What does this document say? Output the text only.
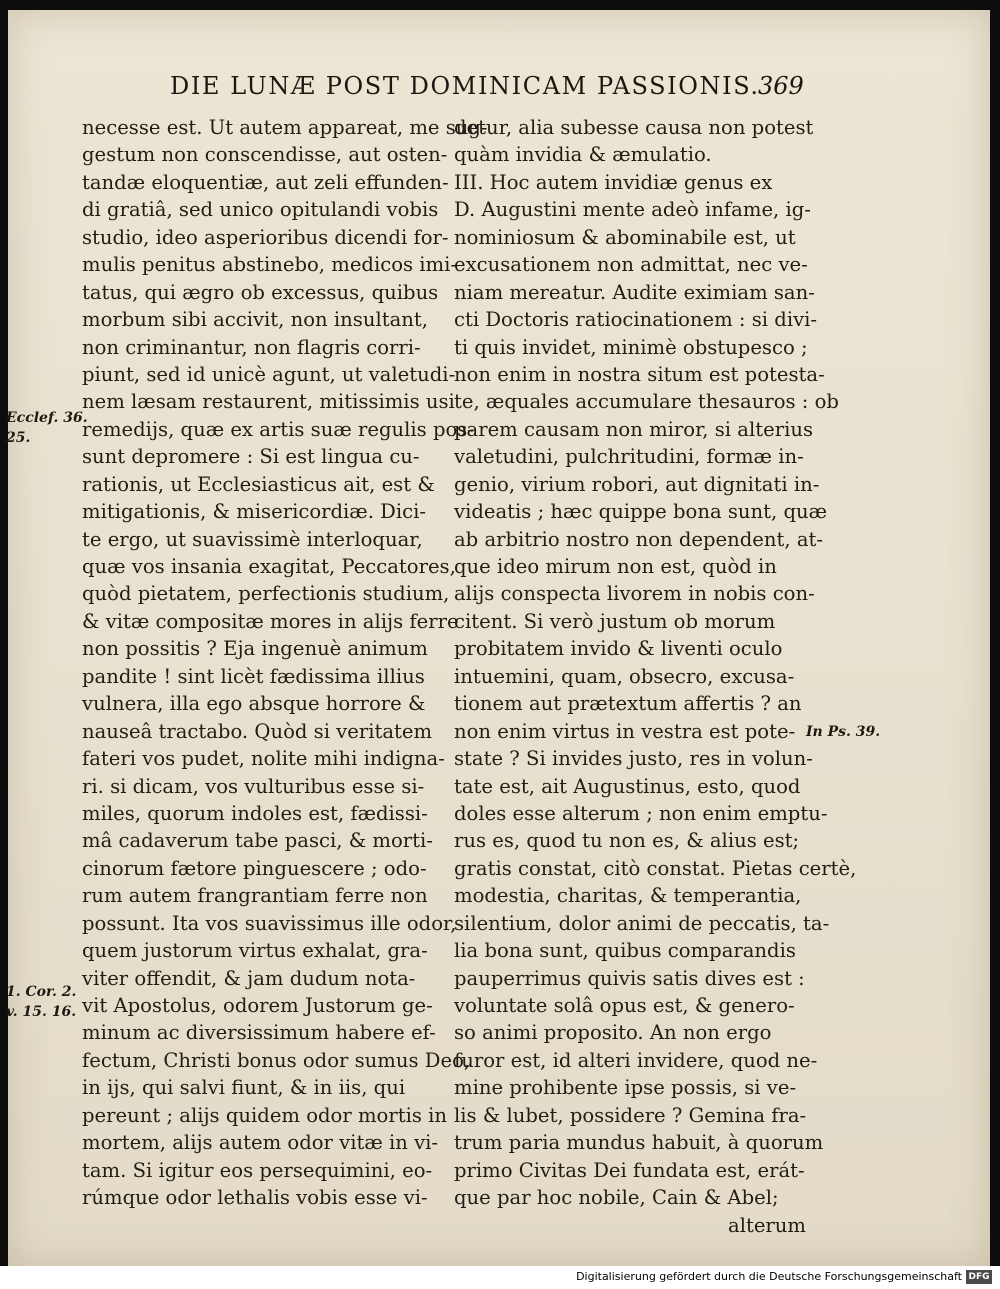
DIE LUNÆ POST DOMINICAM PASSIONIS.
369
necesse est. Ut autem appareat, me sug-
gestum non conscendisse, aut osten-
tandæ eloquentiæ, aut zeli effunden-
di gratiâ, sed unico opitulandi vobis
studio, ideo asperioribus dicendi for-
mulis penitus abstinebo, medicos imi-
tatus, qui ægro ob excessus, quibus
morbum sibi accivit, non insultant,
non criminantur, non flagris corri-
piunt, sed id unicè agunt, ut valetudi-
nem læsam restaurent, mitissimis usi
remedijs, quæ ex artis suæ regulis pos-
sunt depromere : Si est lingua cu-
rationis, ut Ecclesiasticus ait, est &
mitigationis, & misericordiæ. Dici-
te ergo, ut suavissimè interloquar,
quæ vos insania exagitat, Peccatores,
quòd pietatem, perfectionis studium,
& vitæ compositæ mores in alijs ferre
non possitis ? Eja ingenuè animum
pandite ! sint licèt fædissima illius
vulnera, illa ego absque horrore &
nauseâ tractabo. Quòd si veritatem
fateri vos pudet, nolite mihi indigna-
ri. si dicam, vos vulturibus esse si-
miles, quorum indoles est, fædissi-
mâ cadaverum tabe pasci, & morti-
cinorum fætore pinguescere ; odo-
rum autem frangrantiam ferre non
possunt. Ita vos suavissimus ille odor,
quem justorum virtus exhalat, gra-
viter offendit, & jam dudum nota-
vit Apostolus, odorem Justorum ge-
minum ac diversissimum habere ef-
fectum, Christi bonus odor sumus Deo,
in ijs, qui salvi fiunt, & in iis, qui
pereunt ; alijs quidem odor mortis in
mortem, alijs autem odor vitæ in vi-
tam. Si igitur eos persequimini, eo-
rúmque odor lethalis vobis esse vi-
detur, alia subesse causa non potest
quàm invidia & æmulatio.
III. Hoc autem invidiæ genus ex
D. Augustini mente adeò infame, ig-
nominiosum & abominabile est, ut
excusationem non admittat, nec ve-
niam mereatur. Audite eximiam san-
cti Doctoris ratiocinationem : si divi-
ti quis invidet, minimè obstupesco ;
non enim in nostra situm est potesta-
te, æquales accumulare thesauros : ob
parem causam non miror, si alterius
valetudini, pulchritudini, formæ in-
genio, virium robori, aut dignitati in-
videatis ; hæc quippe bona sunt, quæ
ab arbitrio nostro non dependent, at-
que ideo mirum non est, quòd in
alijs conspecta livorem in nobis con-
citent. Si verò justum ob morum
probitatem invido & liventi oculo
intuemini, quam, obsecro, excusa-
tionem aut prætextum affertis ? an
non enim virtus in vestra est pote-
state ? Si invides justo, res in volun-
tate est, ait Augustinus, esto, quod
doles esse alterum ; non enim emptu-
rus es, quod tu non es, & alius est;
gratis constat, citò constat. Pietas certè,
modestia, charitas, & temperantia,
silentium, dolor animi de peccatis, ta-
lia bona sunt, quibus comparandis
pauperrimus quivis satis dives est :
voluntate solâ opus est, & genero-
so animi proposito. An non ergo
furor est, id alteri invidere, quod ne-
mine prohibente ipse possis, si ve-
lis & lubet, possidere ? Gemina fra-
trum paria mundus habuit, à quorum
primo Civitas Dei fundata est, erát-
que par hoc nobile, Cain & Abel;
alterum
Ecclef. 36.
25.
1. Cor. 2.
v. 15. 16.
In Ps. 39.
Digitalisierung gefördert durch die Deutsche Forschungsgemeinschaft DFG
